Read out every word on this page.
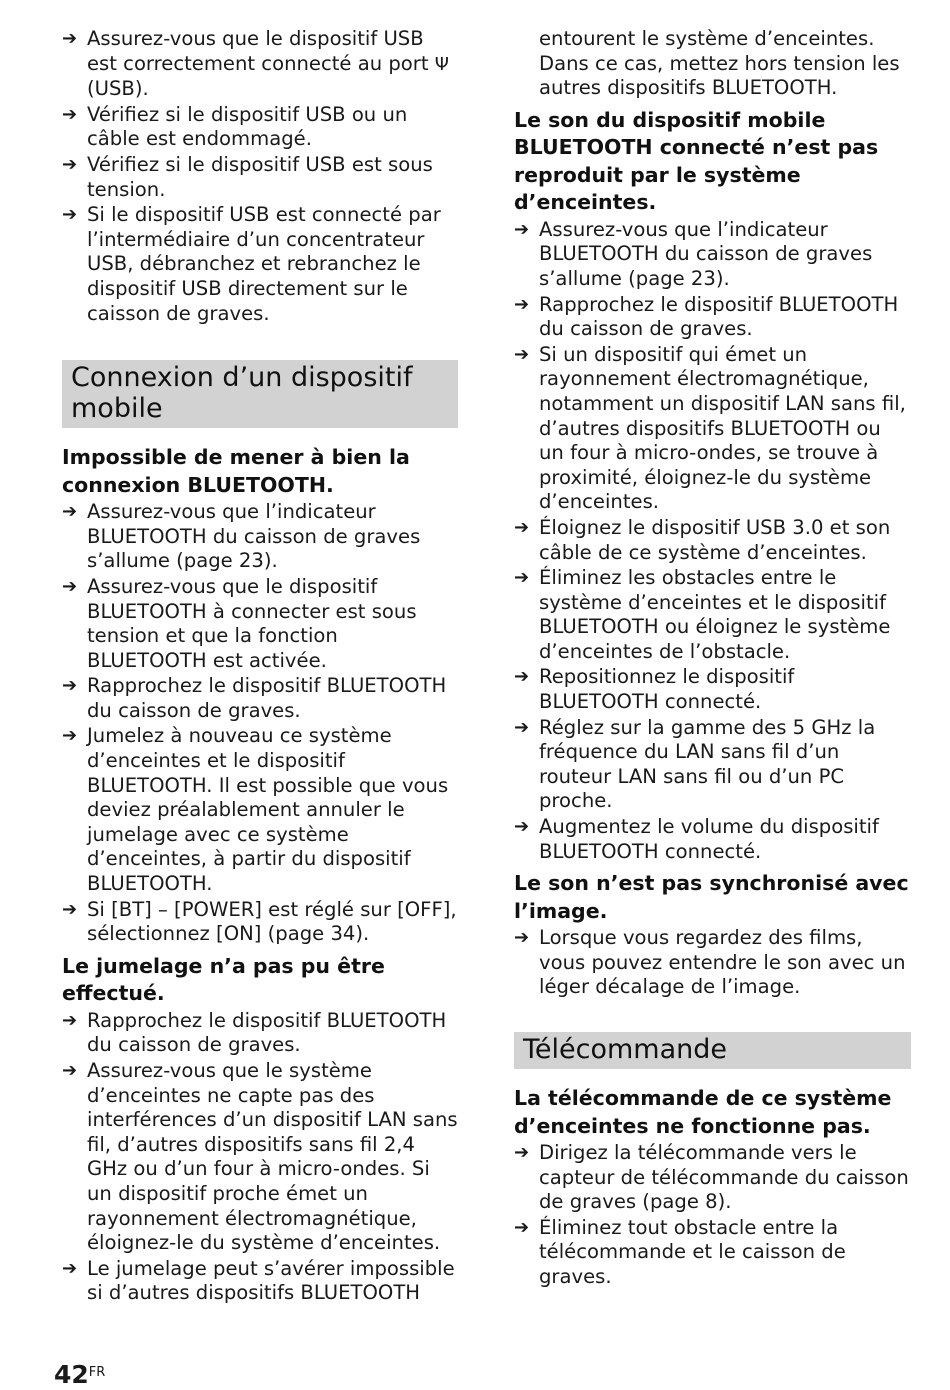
➔ Assurez-vous que le dispositif USB est correctement connecté au port Ψ (USB).
➔ Vérifiez si le dispositif USB ou un câble est endommagé.
➔ Vérifiez si le dispositif USB est sous tension.
➔ Si le dispositif USB est connecté par l’intermédiaire d’un concentrateur USB, débranchez et rebranchez le dispositif USB directement sur le caisson de graves.
Connexion d’un dispositif mobile
Impossible de mener à bien la connexion BLUETOOTH.
➔ Assurez-vous que l’indicateur BLUETOOTH du caisson de graves s’allume (page 23).
➔ Assurez-vous que le dispositif BLUETOOTH à connecter est sous tension et que la fonction BLUETOOTH est activée.
➔ Rapprochez le dispositif BLUETOOTH du caisson de graves.
➔ Jumelez à nouveau ce système d’enceintes et le dispositif BLUETOOTH. Il est possible que vous deviez préalablement annuler le jumelage avec ce système d’enceintes, à partir du dispositif BLUETOOTH.
➔ Si [BT] – [POWER] est réglé sur [OFF], sélectionnez [ON] (page 34).
Le jumelage n’a pas pu être effectué.
➔ Rapprochez le dispositif BLUETOOTH du caisson de graves.
➔ Assurez-vous que le système d’enceintes ne capte pas des interférences d’un dispositif LAN sans fil, d’autres dispositifs sans fil 2,4 GHz ou d’un four à micro-ondes. Si un dispositif proche émet un rayonnement électromagnétique, éloignez-le du système d’enceintes.
➔ Le jumelage peut s’avérer impossible si d’autres dispositifs BLUETOOTH
entourent le système d’enceintes. Dans ce cas, mettez hors tension les autres dispositifs BLUETOOTH.
Le son du dispositif mobile BLUETOOTH connecté n’est pas reproduit par le système d’enceintes.
➔ Assurez-vous que l’indicateur BLUETOOTH du caisson de graves s’allume (page 23).
➔ Rapprochez le dispositif BLUETOOTH du caisson de graves.
➔ Si un dispositif qui émet un rayonnement électromagnétique, notamment un dispositif LAN sans fil, d’autres dispositifs BLUETOOTH ou un four à micro-ondes, se trouve à proximité, éloignez-le du système d’enceintes.
➔ Éloignez le dispositif USB 3.0 et son câble de ce système d’enceintes.
➔ Éliminez les obstacles entre le système d’enceintes et le dispositif BLUETOOTH ou éloignez le système d’enceintes de l’obstacle.
➔ Repositionnez le dispositif BLUETOOTH connecté.
➔ Réglez sur la gamme des 5 GHz la fréquence du LAN sans fil d’un routeur LAN sans fil ou d’un PC proche.
➔ Augmentez le volume du dispositif BLUETOOTH connecté.
Le son n’est pas synchronisé avec l’image.
➔ Lorsque vous regardez des films, vous pouvez entendre le son avec un léger décalage de l’image.
Télécommande
La télécommande de ce système d’enceintes ne fonctionne pas.
➔ Dirigez la télécommande vers le capteur de télécommande du caisson de graves (page 8).
➔ Éliminez tout obstacle entre la télécommande et le caisson de graves.
$42^{FR}$
